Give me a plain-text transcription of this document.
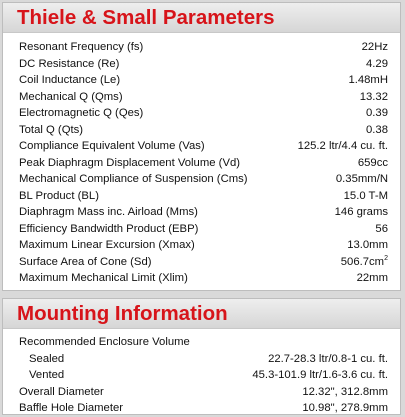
Thiele & Small Parameters
Resonant Frequency (fs)	22Hz
DC Resistance (Re)	4.29
Coil Inductance (Le)	1.48mH
Mechanical Q (Qms)	13.32
Electromagnetic Q (Qes)	0.39
Total Q (Qts)	0.38
Compliance Equivalent Volume (Vas)	125.2 ltr/4.4 cu. ft.
Peak Diaphragm Displacement Volume (Vd)	659cc
Mechanical Compliance of Suspension (Cms)	0.35mm/N
BL Product (BL)	15.0 T-M
Diaphragm Mass inc. Airload (Mms)	146 grams
Efficiency Bandwidth Product (EBP)	56
Maximum Linear Excursion (Xmax)	13.0mm
Surface Area of Cone (Sd)	$506.7cm^2$
Maximum Mechanical Limit (Xlim)	22mm
Mounting Information
Recommended Enclosure Volume
Sealed	22.7-28.3 ltr/0.8-1 cu. ft.
Vented	45.3-101.9 ltr/1.6-3.6 cu. ft.
Overall Diameter	12.32", 312.8mm
Baffle Hole Diameter	10.98", 278.9mm
